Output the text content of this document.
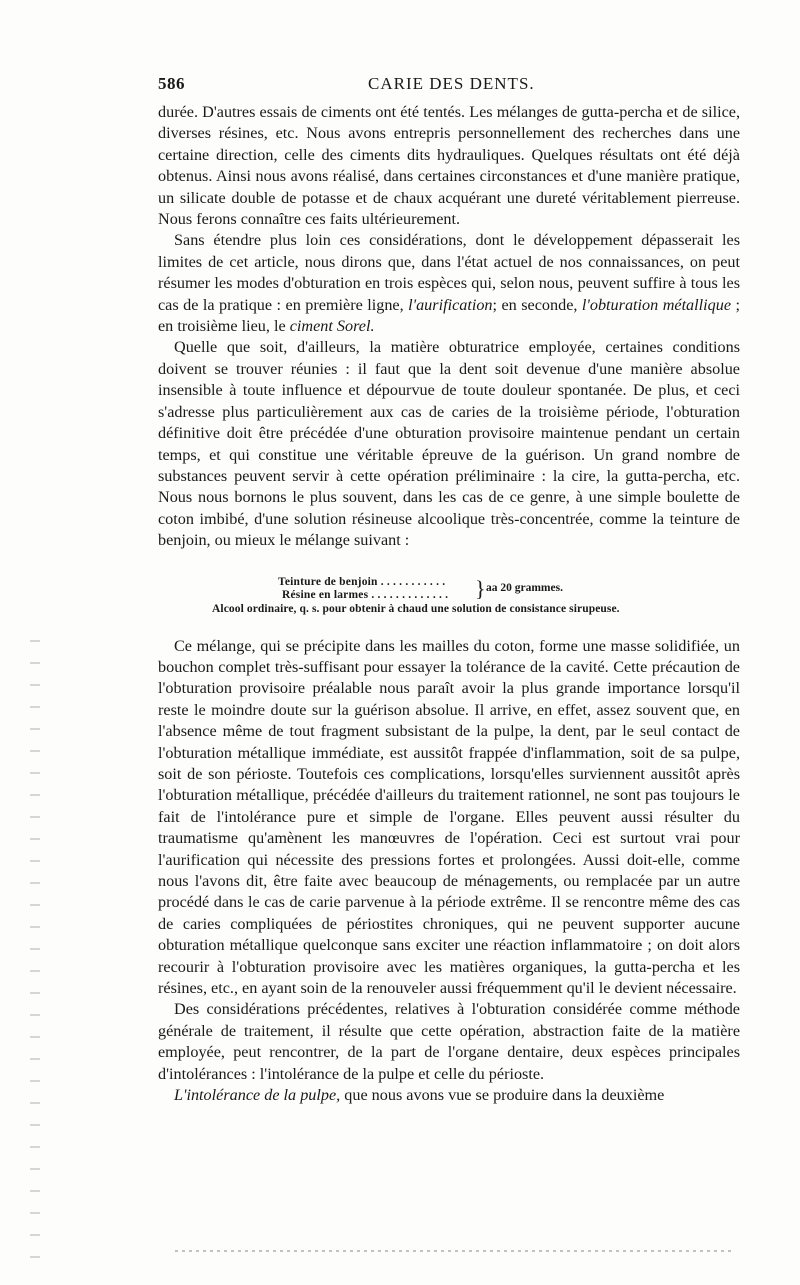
586	CARIE DES DENTS.

durée. D'autres essais de ciments ont été tentés. Les mélanges de gutta-percha et de silice, diverses résines, etc. Nous avons entrepris personnellement des recherches dans une certaine direction, celle des ciments dits hydrauliques. Quelques résultats ont été déjà obtenus. Ainsi nous avons réalisé, dans certaines circonstances et d'une manière pratique, un silicate double de potasse et de chaux acquérant une dureté véritablement pierreuse. Nous ferons connaître ces faits ultérieurement.

Sans étendre plus loin ces considérations, dont le développement dépasserait les limites de cet article, nous dirons que, dans l'état actuel de nos connaissances, on peut résumer les modes d'obturation en trois espèces qui, selon nous, peuvent suffire à tous les cas de la pratique : en première ligne, l'aurification; en seconde, l'obturation métallique ; en troisième lieu, le ciment Sorel.

Quelle que soit, d'ailleurs, la matière obturatrice employée, certaines conditions doivent se trouver réunies : il faut que la dent soit devenue d'une manière absolue insensible à toute influence et dépourvue de toute douleur spontanée. De plus, et ceci s'adresse plus particulièrement aux cas de caries de la troisième période, l'obturation définitive doit être précédée d'une obturation provisoire maintenue pendant un certain temps, et qui constitue une véritable épreuve de la guérison. Un grand nombre de substances peuvent servir à cette opération préliminaire : la cire, la gutta-percha, etc. Nous nous bornons le plus souvent, dans les cas de ce genre, à une simple boulette de coton imbibé, d'une solution résineuse alcoolique très-concentrée, comme la teinture de benjoin, ou mieux le mélange suivant :

Teinture de benjoin . . . . . . . . . . .
Résine en larmes . . . . . . . . . . . . . } aa 20 grammes.
Alcool ordinaire, q. s. pour obtenir à chaud une solution de consistance sirupeuse.

Ce mélange, qui se précipite dans les mailles du coton, forme une masse solidifiée, un bouchon complet très-suffisant pour essayer la tolérance de la cavité. Cette précaution de l'obturation provisoire préalable nous paraît avoir la plus grande importance lorsqu'il reste le moindre doute sur la guérison absolue. Il arrive, en effet, assez souvent que, en l'absence même de tout fragment subsistant de la pulpe, la dent, par le seul contact de l'obturation métallique immédiate, est aussitôt frappée d'inflammation, soit de sa pulpe, soit de son périoste. Toutefois ces complications, lorsqu'elles surviennent aussitôt après l'obturation métallique, précédée d'ailleurs du traitement rationnel, ne sont pas toujours le fait de l'intolérance pure et simple de l'organe. Elles peuvent aussi résulter du traumatisme qu'amènent les manœuvres de l'opération. Ceci est surtout vrai pour l'aurification qui nécessite des pressions fortes et prolongées. Aussi doit-elle, comme nous l'avons dit, être faite avec beaucoup de ménagements, ou remplacée par un autre procédé dans le cas de carie parvenue à la période extrême. Il se rencontre même des cas de caries compliquées de périostites chroniques, qui ne peuvent supporter aucune obturation métallique quelconque sans exciter une réaction inflammatoire ; on doit alors recourir à l'obturation provisoire avec les matières organiques, la gutta-percha et les résines, etc., en ayant soin de la renouveler aussi fréquemment qu'il le devient nécessaire.

Des considérations précédentes, relatives à l'obturation considérée comme méthode générale de traitement, il résulte que cette opération, abstraction faite de la matière employée, peut rencontrer, de la part de l'organe dentaire, deux espèces principales d'intolérances : l'intolérance de la pulpe et celle du périoste.

L'intolérance de la pulpe, que nous avons vue se produire dans la deuxième
